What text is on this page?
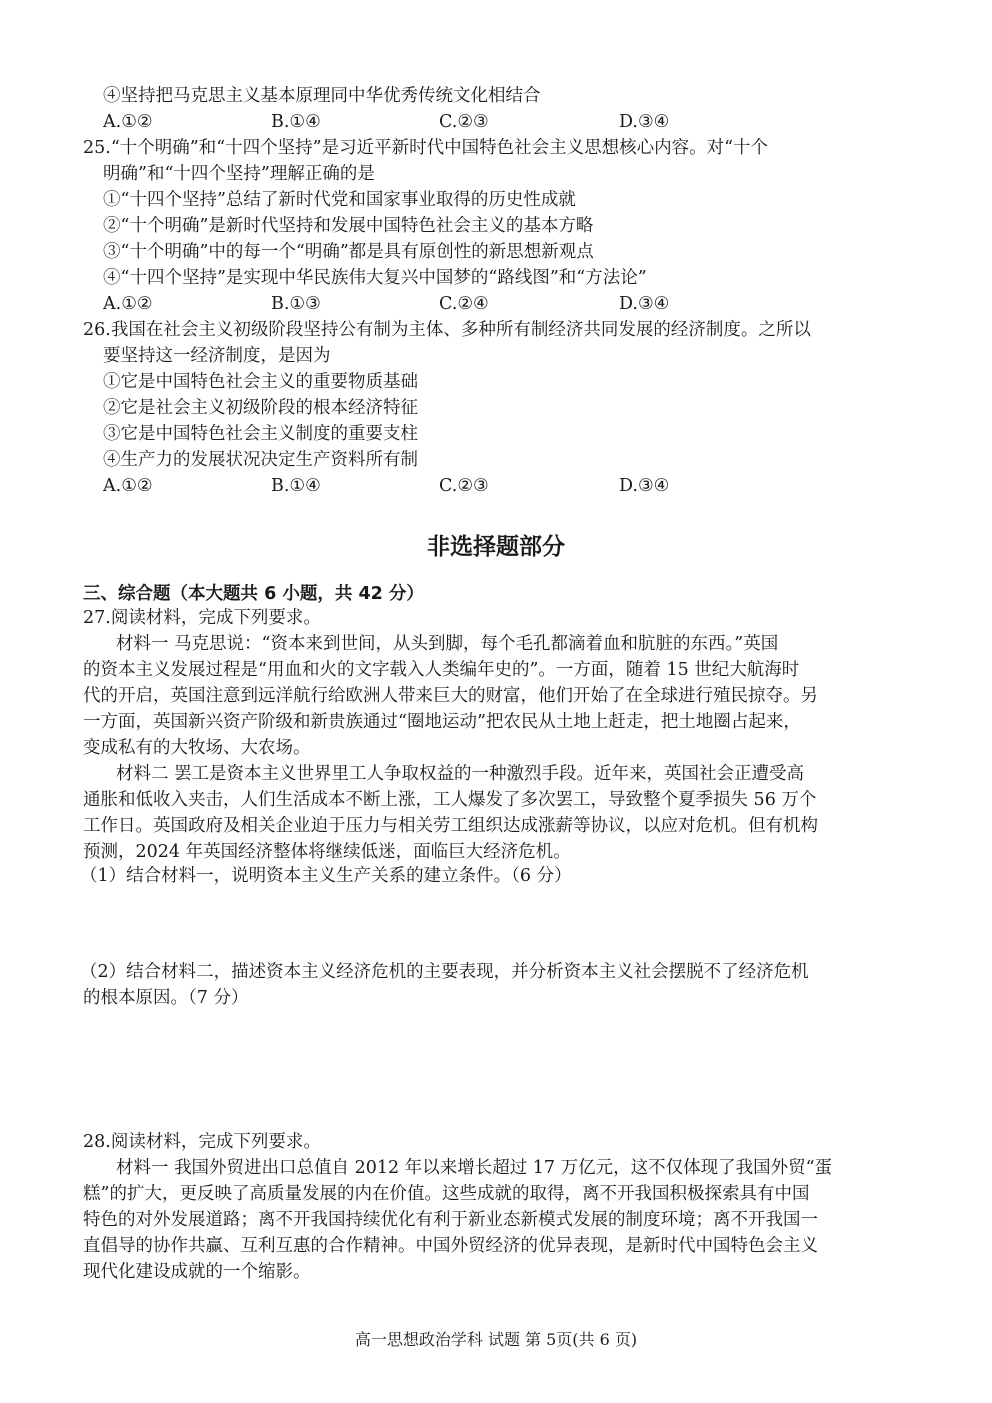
④坚持把马克思主义基本原理同中华优秀传统文化相结合
A.①②	B.①④	C.②③	D.③④
25.“十个明确”和“十四个坚持”是习近平新时代中国特色社会主义思想核心内容。对“十个
明确”和“十四个坚持”理解正确的是
①“十四个坚持”总结了新时代党和国家事业取得的历史性成就
②“十个明确”是新时代坚持和发展中国特色社会主义的基本方略
③“十个明确”中的每一个“明确”都是具有原创性的新思想新观点
④“十四个坚持”是实现中华民族伟大复兴中国梦的“路线图”和“方法论”
A.①②	B.①③	C.②④	D.③④
26.我国在社会主义初级阶段坚持公有制为主体、多种所有制经济共同发展的经济制度。之所以
要坚持这一经济制度，是因为
①它是中国特色社会主义的重要物质基础
②它是社会主义初级阶段的根本经济特征
③它是中国特色社会主义制度的重要支柱
④生产力的发展状况决定生产资料所有制
A.①②	B.①④	C.②③	D.③④
非选择题部分
三、综合题（本大题共 6 小题，共 42 分）
27.阅读材料，完成下列要求。
材料一 马克思说：“资本来到世间，从头到脚，每个毛孔都滴着血和肮脏的东西。”英国
的资本主义发展过程是“用血和火的文字载入人类编年史的”。一方面，随着 15 世纪大航海时
代的开启，英国注意到远洋航行给欧洲人带来巨大的财富，他们开始了在全球进行殖民掠夺。另
一方面，英国新兴资产阶级和新贵族通过“圈地运动”把农民从土地上赶走，把土地圈占起来，
变成私有的大牧场、大农场。
材料二 罢工是资本主义世界里工人争取权益的一种激烈手段。近年来，英国社会正遭受高
通胀和低收入夹击，人们生活成本不断上涨，工人爆发了多次罢工，导致整个夏季损失 56 万个
工作日。英国政府及相关企业迫于压力与相关劳工组织达成涨薪等协议，以应对危机。但有机构
预测，2024 年英国经济整体将继续低迷，面临巨大经济危机。
（1）结合材料一，说明资本主义生产关系的建立条件。（6 分）
（2）结合材料二，描述资本主义经济危机的主要表现，并分析资本主义社会摆脱不了经济危机
的根本原因。（7 分）
28.阅读材料，完成下列要求。
材料一 我国外贸进出口总值自 2012 年以来增长超过 17 万亿元，这不仅体现了我国外贸“蛋
糕”的扩大，更反映了高质量发展的内在价值。这些成就的取得，离不开我国积极探索具有中国
特色的对外发展道路；离不开我国持续优化有利于新业态新模式发展的制度环境；离不开我国一
直倡导的协作共赢、互利互惠的合作精神。中国外贸经济的优异表现，是新时代中国特色会主义
现代化建设成就的一个缩影。
高一思想政治学科 试题 第 5页(共 6 页)
